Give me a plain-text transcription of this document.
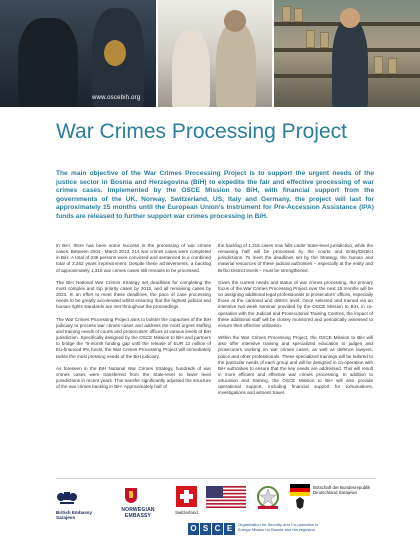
www.oscebih.org
War Crimes Processing Project

The main objective of the War Crimes Processing Project is to support the urgent needs of the justice sector in Bosnia and Herzegovina (BiH) to expedite the fair and effective processing of war crimes cases. Implemented by the OSCE Mission to BiH, with financial support from the governments of the UK, Norway, Switzerland, US, Italy and Germany, the project will last for approximately 15 months until the European Union's Instrument for Pre-Accession Assistance (IPA) funds are released to further support war crimes processing in BiH.

In BiH, there has been some success in the processing of war crimes cases. Between 2004 - March 2013, 214 war crimes cases were completed in BiH. A total of 235 persons were convicted and sentenced to a combined total of 2,262 years imprisonment. Despite these achievements, a backlog of approximately 1,315 war crimes cases still remains to be processed.

The BiH National War Crimes Strategy set deadlines for completing the most complex and top priority cases by 2015, and all remaining cases by 2023. In an effort to meet these deadlines, the pace of case processing needs to be greatly accelerated whilst ensuring that the highest judicial and human-rights standards are met throughout the proceedings.

The War Crimes Processing Project aims to bolster the capacities of the BiH judiciary to process war crimes cases and address the most urgent staffing and training needs of courts and prosecutors' offices at various levels of BiH jurisdiction. Specifically designed by the OSCE Mission to BiH and partners to bridge the "6-month funding gap until the release of EUR 13 million of EU-financed IPA funds, the War Crimes Processing Project will immediately tackle the most pressing needs of the BiH judiciary.

As foreseen in the BiH National War Crimes Strategy, hundreds of war crimes cases were transferred from the State-level to lower level jurisdictions in recent years. This transfer significantly adjusted the structure of the war crimes backlog in BiH. Approximately half of

the backlog of 1,315 cases now falls under State-level jurisdiction, while the remaining half will be processed by the courts and Entity/District jurisdictions. To meet the deadlines set by the Strategy, the human and material resources of these judicial authorities – especially at the entity and Brčko District levels – must be strengthened.

Given the current needs and status of war crimes processing, the primary focus of the War Crimes Processing Project over the next 15 months will be on assigning additional legal professionals to prosecutors' offices, especially those at the cantonal and district level. Once selected and trained via an intensive two-week seminar provided by the OSCE Mission to BiH, in co-operation with the Judicial and Prosecutorial Training Centres, the impact of these additional staff will be closely monitored and periodically assessed to ensure their effective utilization.

Within the War Crimes Processing Project, the OSCE Mission to BiH will also offer intensive training and specialized education to judges and prosecutors working on war crimes cases, as well as defence lawyers, police and other professionals. These specialized trainings will be tailored to the particular needs of each group and will be designed in co-operation with BiH authorities to ensure that the key needs are addressed. This will result in more efficient and effective war crimes processing. In addition to education and training, the OSCE Mission to BiH will also provide operational support, including financial support for exhumations, investigations and witness travel.

British Embassy Sarajevo
NORWEGIAN EMBASSY
Switzerland.
Botschaft der Bundesrepublik Deutschland Sarajewo
O S C E	Organization for Security and Co-operation in Europe Mission to Bosnia and Herzegovina
